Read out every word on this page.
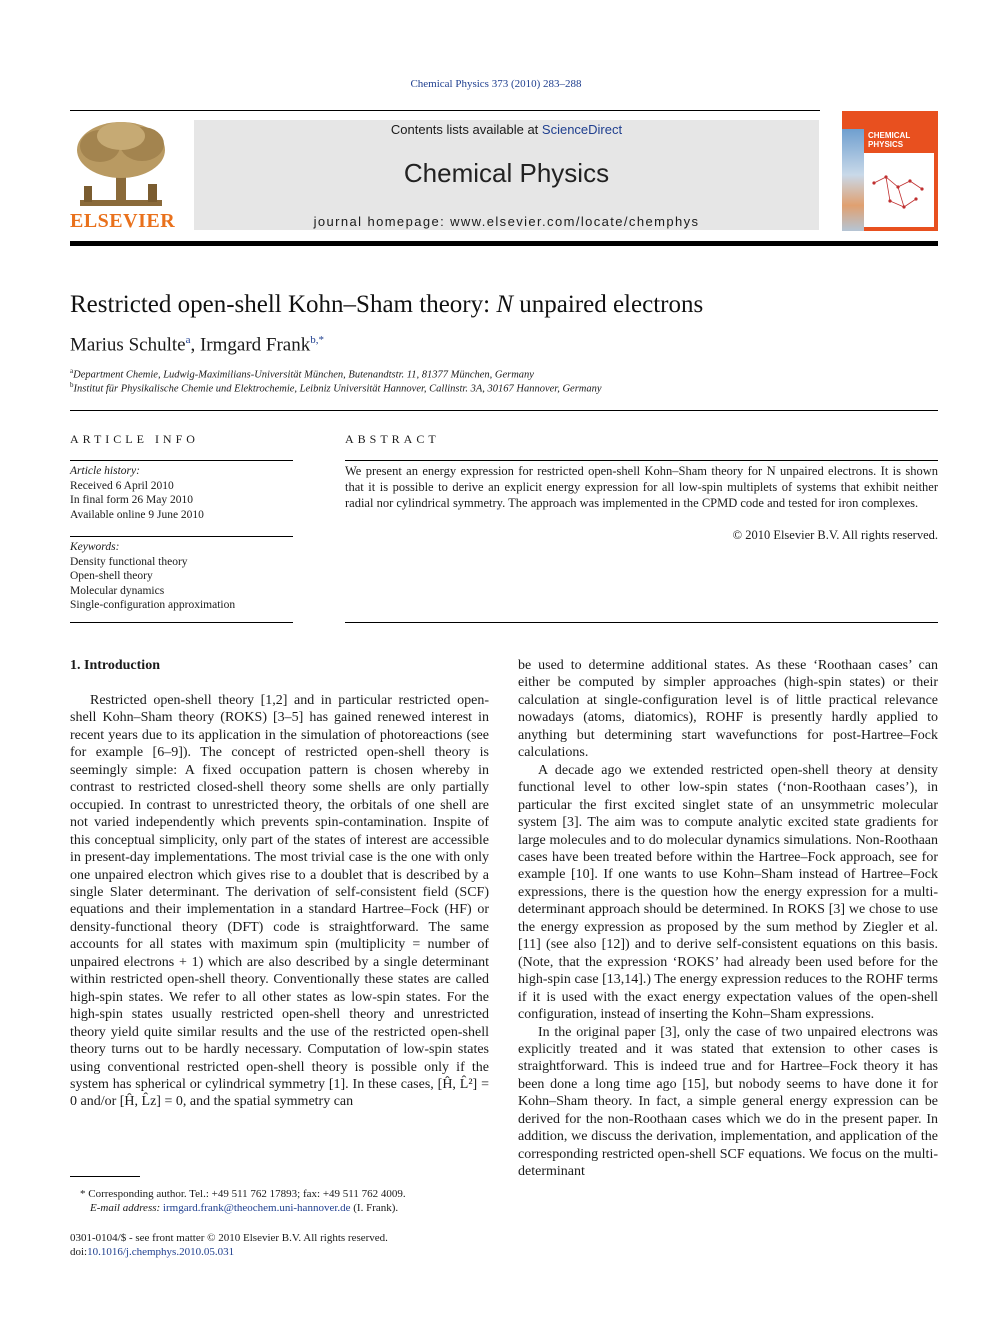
Chemical Physics 373 (2010) 283–288
ELSEVIER
Contents lists available at ScienceDirect
Chemical Physics
journal homepage: www.elsevier.com/locate/chemphys
CHEMICAL
PHYSICS
Restricted open-shell Kohn–Sham theory: N unpaired electrons
Marius Schulte$^a$, Irmgard Frank$^{b,*}$
$^a$Department Chemie, Ludwig-Maximilians-Universität München, Butenandtstr. 11, 81377 München, Germany
$^b$Institut für Physikalische Chemie und Elektrochemie, Leibniz Universität Hannover, Callinstr. 3A, 30167 Hannover, Germany
ARTICLE INFO
Article history:
Received 6 April 2010
In final form 26 May 2010
Available online 9 June 2010
Keywords:
Density functional theory
Open-shell theory
Molecular dynamics
Single-configuration approximation
ABSTRACT
We present an energy expression for restricted open-shell Kohn–Sham theory for N unpaired electrons. It is shown that it is possible to derive an explicit energy expression for all low-spin multiplets of systems that exhibit neither radial nor cylindrical symmetry. The approach was implemented in the CPMD code and tested for iron complexes.
© 2010 Elsevier B.V. All rights reserved.
1. Introduction

Restricted open-shell theory [1,2] and in particular restricted open-shell Kohn–Sham theory (ROKS) [3–5] has gained renewed interest in recent years due to its application in the simulation of photoreactions (see for example [6–9]). The concept of restricted open-shell theory is seemingly simple: A fixed occupation pattern is chosen whereby in contrast to restricted closed-shell theory some shells are only partially occupied. In contrast to unrestricted theory, the orbitals of one shell are not varied independently which prevents spin-contamination. Inspite of this conceptual simplicity, only part of the states of interest are accessible in present-day implementations. The most trivial case is the one with only one unpaired electron which gives rise to a doublet that is described by a single Slater determinant. The derivation of self-consistent field (SCF) equations and their implementation in a standard Hartree–Fock (HF) or density-functional theory (DFT) code is straightforward. The same accounts for all states with maximum spin (multiplicity = number of unpaired electrons + 1) which are also described by a single determinant within restricted open-shell theory. Conventionally these states are called high-spin states. We refer to all other states as low-spin states. For the high-spin states usually restricted open-shell theory and unrestricted theory yield quite similar results and the use of the restricted open-shell theory turns out to be hardly necessary. Computation of low-spin states using conventional restricted open-shell theory is possible only if the system has spherical or cylindrical symmetry [1]. In these cases, [Ĥ, L̂²] = 0 and/or [Ĥ, L̂z] = 0, and the spatial symmetry can

be used to determine additional states. As these ‘Roothaan cases’ can either be computed by simpler approaches (high-spin states) or their calculation at single-configuration level is of little practical relevance nowadays (atoms, diatomics), ROHF is presently hardly applied to anything but determining start wavefunctions for post-Hartree–Fock calculations.

A decade ago we extended restricted open-shell theory at density functional level to other low-spin states (‘non-Roothaan cases’), in particular the first excited singlet state of an unsymmetric molecular system [3]. The aim was to compute analytic excited state gradients for large molecules and to do molecular dynamics simulations. Non-Roothaan cases have been treated before within the Hartree–Fock approach, see for example [10]. If one wants to use Kohn–Sham instead of Hartree–Fock expressions, there is the question how the energy expression for a multi-determinant approach should be determined. In ROKS [3] we chose to use the energy expression as proposed by the sum method by Ziegler et al. [11] (see also [12]) and to derive self-consistent equations on this basis. (Note, that the expression ‘ROKS’ had already been used before for the high-spin case [13,14].) The energy expression reduces to the ROHF terms if it is used with the exact energy expectation values of the open-shell configuration, instead of inserting the Kohn–Sham expressions.

In the original paper [3], only the case of two unpaired electrons was explicitly treated and it was stated that extension to other cases is straightforward. This is indeed true and for Hartree–Fock theory it has been done a long time ago [15], but nobody seems to have done it for Kohn–Sham theory. In fact, a simple general energy expression can be derived for the non-Roothaan cases which we do in the present paper. In addition, we discuss the derivation, implementation, and application of the corresponding restricted open-shell SCF equations. We focus on the multi-determinant

* Corresponding author. Tel.: +49 511 762 17893; fax: +49 511 762 4009.
E-mail address: irmgard.frank@theochem.uni-hannover.de (I. Frank).
0301-0104/$ - see front matter © 2010 Elsevier B.V. All rights reserved.
doi:10.1016/j.chemphys.2010.05.031
